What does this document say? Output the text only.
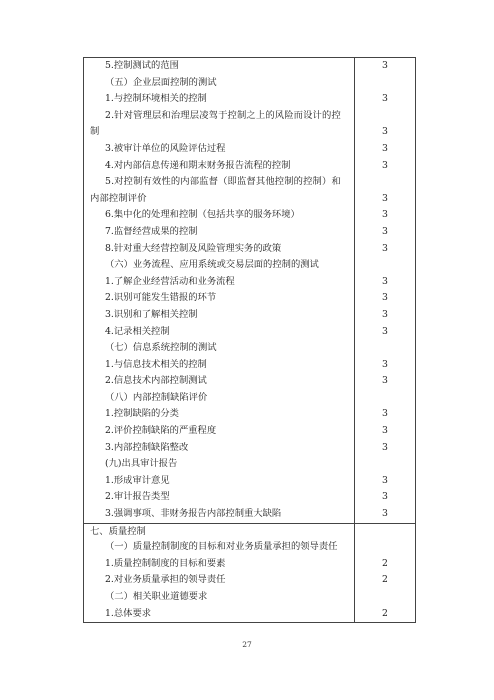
5.控制测试的范围	3
（五）企业层面控制的测试
1.与控制环境相关的控制	3
2.针对管理层和治理层凌驾于控制之上的风险而设计的控制	3
3.被审计单位的风险评估过程	3
4.对内部信息传递和期末财务报告流程的控制	3
5.对控制有效性的内部监督（即监督其他控制的控制）和内部控制评价	3
6.集中化的处理和控制（包括共享的服务环境）	3
7.监督经营成果的控制	3
8.针对重大经营控制及风险管理实务的政策	3
（六）业务流程、应用系统或交易层面的控制的测试
1.了解企业经营活动和业务流程	3
2.识别可能发生错报的环节	3
3.识别和了解相关控制	3
4.记录相关控制	3
（七）信息系统控制的测试
1.与信息技术相关的控制	3
2.信息技术内部控制测试	3
（八）内部控制缺陷评价
1.控制缺陷的分类	3
2.评价控制缺陷的严重程度	3
3.内部控制缺陷整改	3
(九)出具审计报告
1.形成审计意见	3
2.审计报告类型	3
3.强调事项、非财务报告内部控制重大缺陷	3
七、质量控制
（一）质量控制制度的目标和对业务质量承担的领导责任
1.质量控制制度的目标和要素	2
2.对业务质量承担的领导责任	2
（二）相关职业道德要求
1.总体要求	2
27
